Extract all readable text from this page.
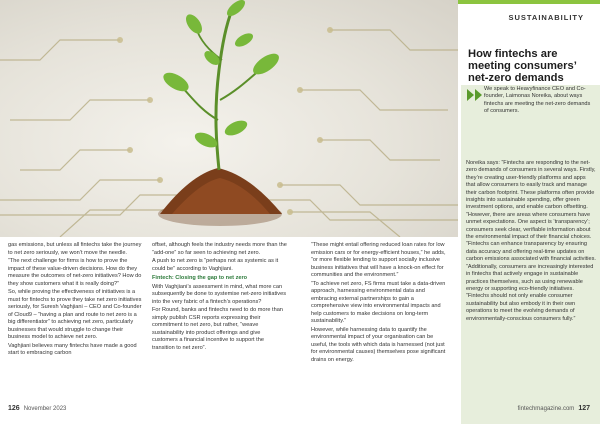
SUSTAINABILITY
How fintechs are meeting consumers’ net-zero demands
We speak to Heavyfinance CEO and Co-founder, Laimonas Noreika, about ways fintechs are meeting the net-zero demands of consumers.
Noreika says: “Fintechs are responding to the net-zero demands of consumers in several ways. Firstly, they’re creating user-friendly platforms and apps that allow consumers to easily track and manage their carbon footprint. These platforms often provide insights into sustainable spending, offer green investment options, and enable carbon offsetting. “However, there are areas where consumers have unmet expectations. One aspect is ‘transparency’; consumers seek clear, verifiable information about the environmental impact of their financial choices. “Fintechs can enhance transparency by ensuring data accuracy and offering real-time updates on carbon emissions associated with financial activities. “Additionally, consumers are increasingly interested in fintechs that actively engage in sustainable practices themselves, such as using renewable energy or supporting eco-friendly initiatives. “Fintechs should not only enable consumer sustainability but also embody it in their own operations to meet the evolving demands of environmentally-conscious consumers fully.”

gas emissions, but unless all fintechs take the journey to net zero seriously, we won’t move the needle.

“The next challenge for firms is how to prove the impact of these value-driven decisions. How do they measure the outcomes of net-zero initiatives? How do they show customers what it is really doing?”

So, while proving the effectiveness of initiatives is a must for fintechs to prove they take net zero initiatives seriously, for Suresh Vaghjiani – CEO and Co-founder of Cloud9 – “having a plan and route to net zero is a big differentiator” to achieving net zero, particularly businesses that would struggle to change their business model to achieve net zero.

Vaghjiani believes many fintechs have made a good start to embracing carbon

offset, although feels the industry needs more than the “add-one” so far seen to achieving net zero.

A push to net zero is “perhaps not as systemic as it could be” according to Vaghjiani.

Fintech: Closing the gap to net zero

With Vaghjiani’s assessment in mind, what more can subsequently be done to systemise net-zero initiatives into the very fabric of a fintech’s operations?

For Round, banks and fintechs need to do more than simply publish CSR reports expressing their commitment to net zero, but rather, “weave sustainability into product offerings and give customers a financial incentive to support the transition to net zero”.

“These might entail offering reduced loan rates for low emission cars or for energy-efficient houses,” he adds, “or more flexible lending to support socially inclusive business initiatives that will have a knock-on effect for communities and the environment.”

“To achieve net zero, FS firms must take a data-driven approach, harnessing environmental data and embracing external partnerships to gain a comprehensive view into environmental impacts and help customers to make decisions on long-term sustainability.”

However, while harnessing data to quantify the environmental impact of your organisation can be useful, the tools with which data is harnessed (not just for environmental causes) themselves pose significant drains on energy.

126 November 2023	fintechmagazine.com 127
